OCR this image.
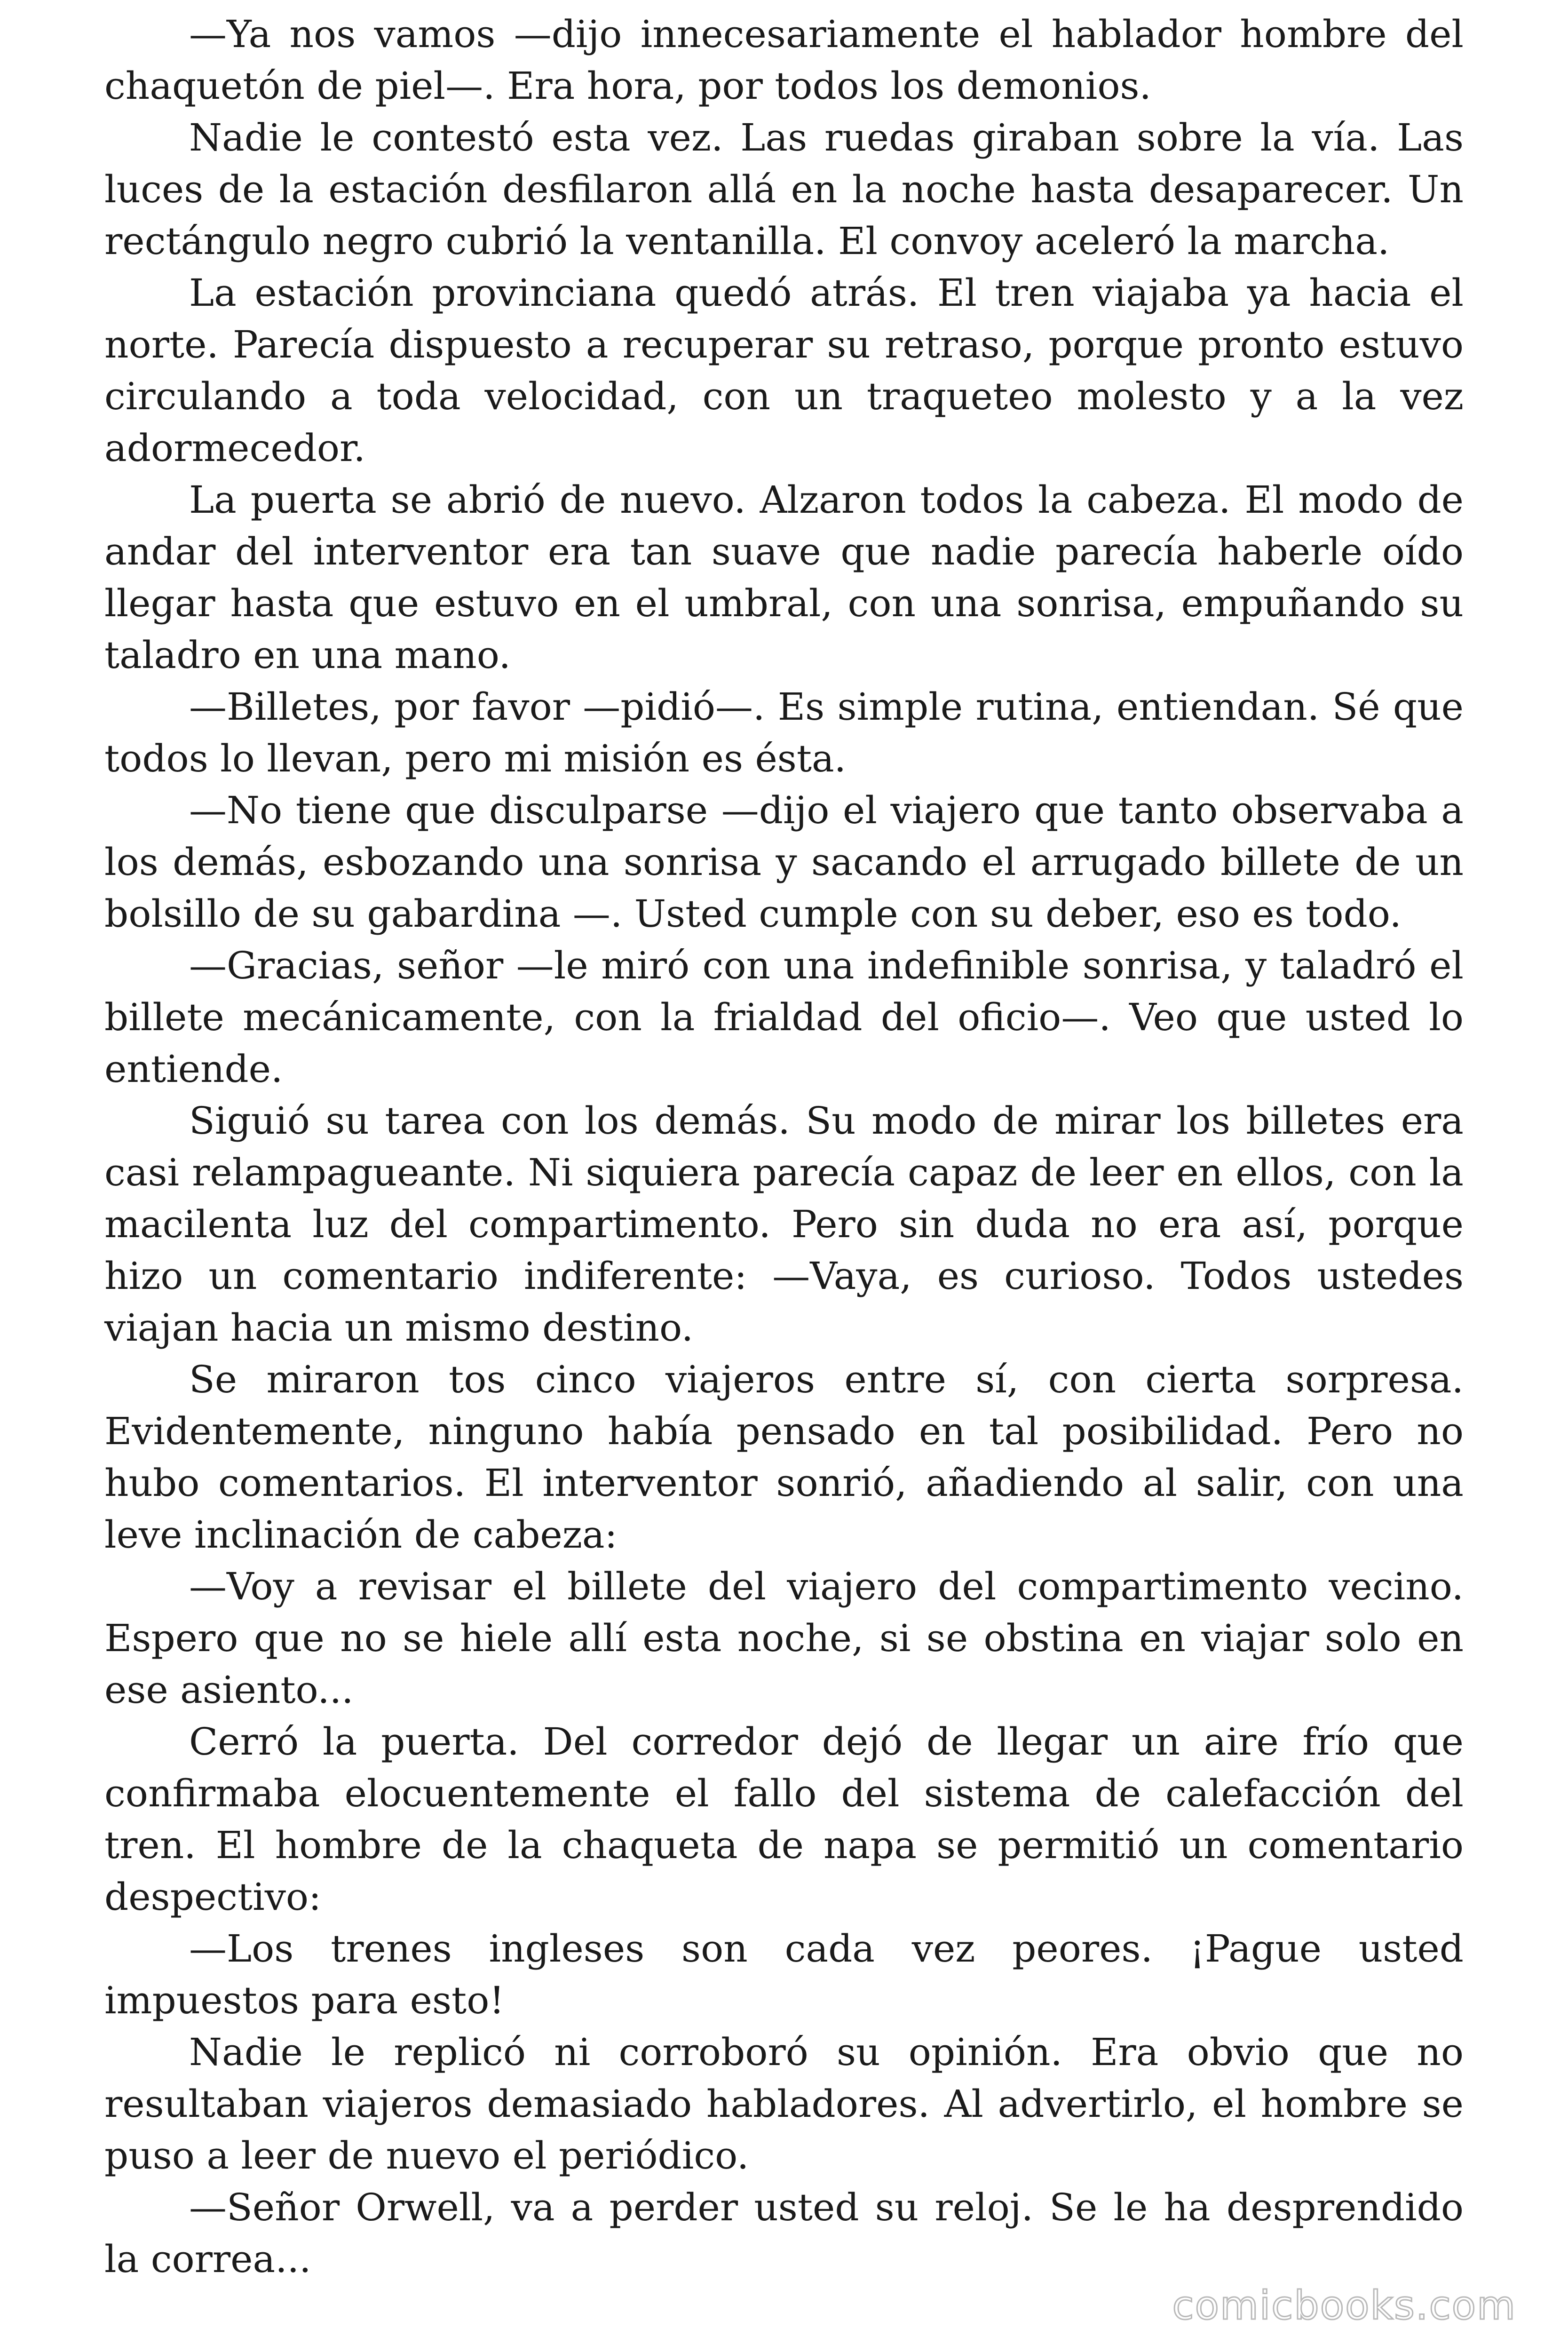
—Ya nos vamos —dijo innecesariamente el hablador hombre del chaquetón de piel—. Era hora, por todos los demonios.

Nadie le contestó esta vez. Las ruedas giraban sobre la vía. Las luces de la estación desfilaron allá en la noche hasta desaparecer. Un rectángulo negro cubrió la ventanilla. El convoy aceleró la marcha.

La estación provinciana quedó atrás. El tren viajaba ya hacia el norte. Parecía dispuesto a recuperar su retraso, porque pronto estuvo circulando a toda velocidad, con un traqueteo molesto y a la vez adormecedor.

La puerta se abrió de nuevo. Alzaron todos la cabeza. El modo de andar del interventor era tan suave que nadie parecía haberle oído llegar hasta que estuvo en el umbral, con una sonrisa, empuñando su taladro en una mano.

—Billetes, por favor —pidió—. Es simple rutina, entiendan. Sé que todos lo llevan, pero mi misión es ésta.

—No tiene que disculparse —dijo el viajero que tanto observaba a los demás, esbozando una sonrisa y sacando el arrugado billete de un bolsillo de su gabardina —. Usted cumple con su deber, eso es todo.

—Gracias, señor —le miró con una indefinible sonrisa, y taladró el billete mecánicamente, con la frialdad del oficio—. Veo que usted lo entiende.

Siguió su tarea con los demás. Su modo de mirar los billetes era casi relampagueante. Ni siquiera parecía capaz de leer en ellos, con la macilenta luz del compartimento. Pero sin duda no era así, porque hizo un comentario indiferente: —Vaya, es curioso. Todos ustedes viajan hacia un mismo destino.

Se miraron tos cinco viajeros entre sí, con cierta sorpresa. Evidentemente, ninguno había pensado en tal posibilidad. Pero no hubo comentarios. El interventor sonrió, añadiendo al salir, con una leve inclinación de cabeza:

—Voy a revisar el billete del viajero del compartimento vecino. Espero que no se hiele allí esta noche, si se obstina en viajar solo en ese asiento...

Cerró la puerta. Del corredor dejó de llegar un aire frío que confirmaba elocuentemente el fallo del sistema de calefacción del tren. El hombre de la chaqueta de napa se permitió un comentario despectivo:

—Los trenes ingleses son cada vez peores. ¡Pague usted impuestos para esto!

Nadie le replicó ni corroboró su opinión. Era obvio que no resultaban viajeros demasiado habladores. Al advertirlo, el hombre se puso a leer de nuevo el periódico.

—Señor Orwell, va a perder usted su reloj. Se le ha desprendido la correa...

comicbooks.com
